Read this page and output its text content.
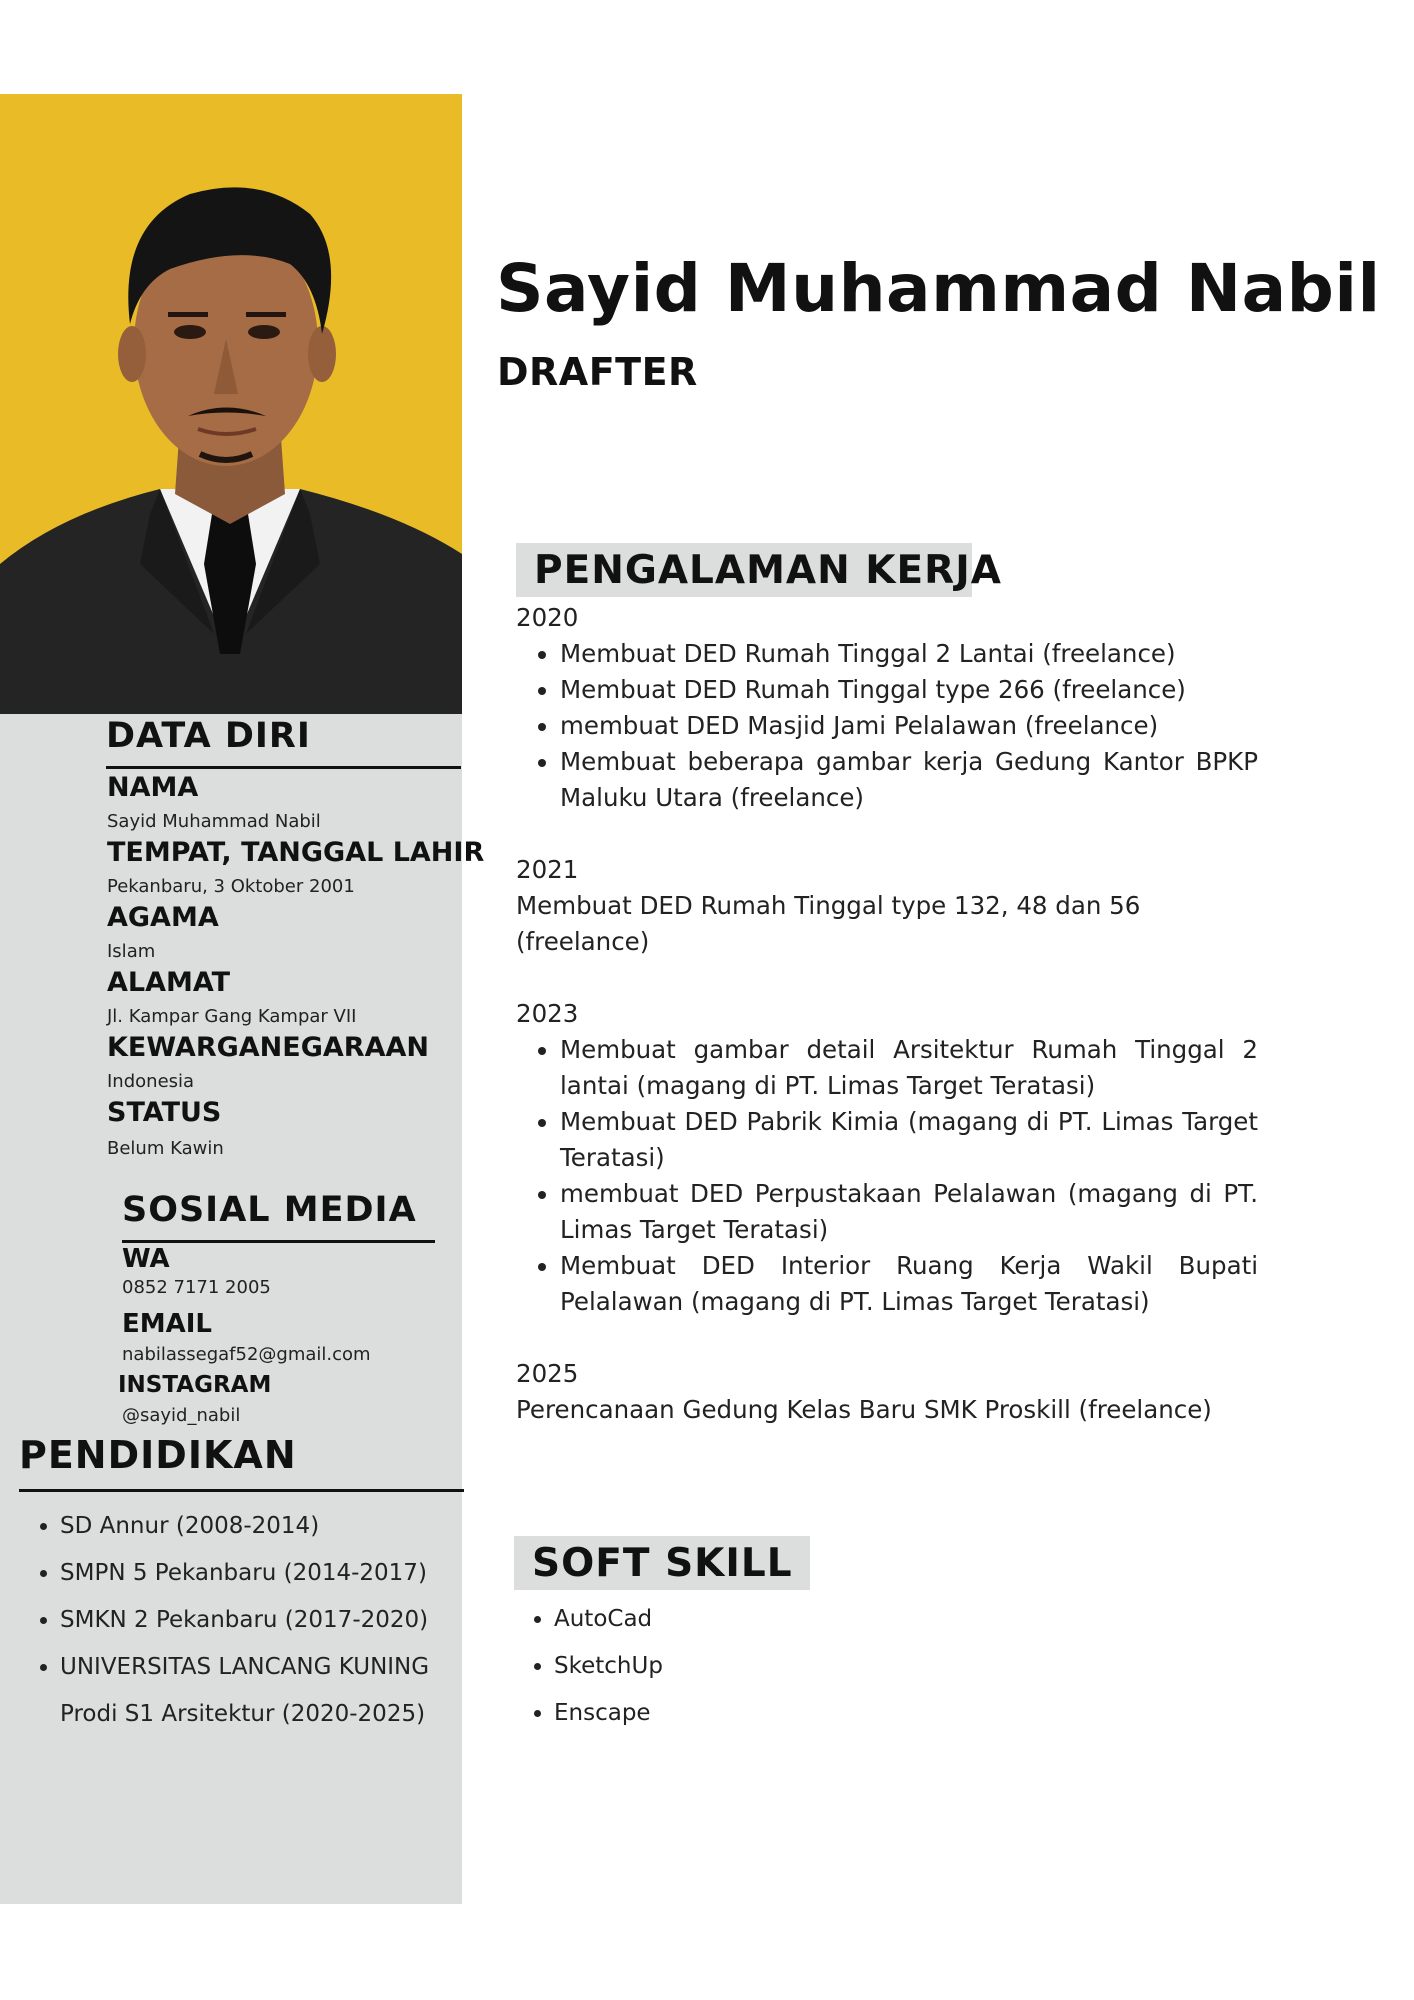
DATA DIRI
NAMA
Sayid Muhammad Nabil
TEMPAT, TANGGAL LAHIR
Pekanbaru, 3 Oktober 2001
AGAMA
Islam
ALAMAT
Jl. Kampar Gang Kampar VII
KEWARGANEGARAAN
Indonesia
STATUS
Belum Kawin
SOSIAL MEDIA
WA
0852 7171 2005
EMAIL
nabilassegaf52@gmail.com
INSTAGRAM
@sayid_nabil
PENDIDIKAN
• SD Annur (2008-2014)
• SMPN 5 Pekanbaru (2014-2017)
• SMKN 2 Pekanbaru (2017-2020)
• UNIVERSITAS LANCANG KUNING Prodi S1 Arsitektur (2020-2025)
Sayid Muhammad Nabil
DRAFTER
PENGALAMAN KERJA

2020

• Membuat DED Rumah Tinggal 2 Lantai (freelance)
• Membuat DED Rumah Tinggal type 266 (freelance)
• membuat DED Masjid Jami Pelalawan (freelance)
• Membuat beberapa gambar kerja Gedung Kantor BPKP Maluku Utara (freelance)

2021

Membuat DED Rumah Tinggal type 132, 48 dan 56 (freelance)

2023

• Membuat gambar detail Arsitektur Rumah Tinggal 2 lantai (magang di PT. Limas Target Teratasi)
• Membuat DED Pabrik Kimia (magang di PT. Limas Target Teratasi)
• membuat DED Perpustakaan Pelalawan (magang di PT. Limas Target Teratasi)
• Membuat DED Interior Ruang Kerja Wakil Bupati Pelalawan (magang di PT. Limas Target Teratasi)

2025

Perencanaan Gedung Kelas Baru SMK Proskill (freelance)

SOFT SKILL
• AutoCad
• SketchUp
• Enscape
